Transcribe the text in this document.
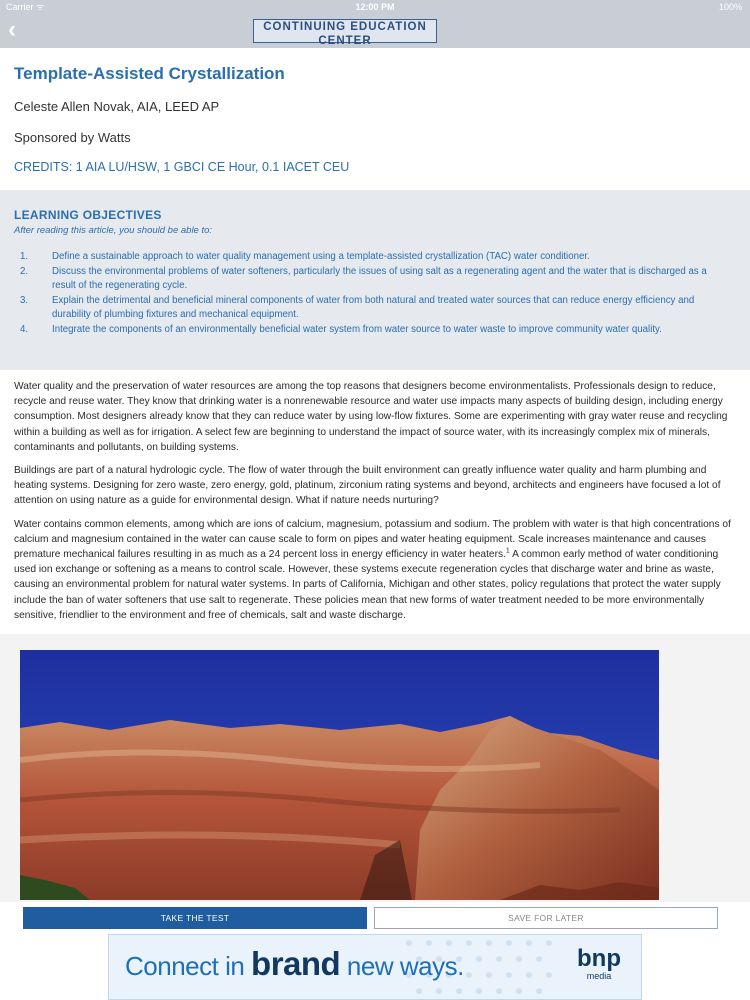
Carrier ᯤ	12:00 PM	100%
‹	CONTINUING EDUCATION CENTER
Template-Assisted Crystallization
Celeste Allen Novak, AIA, LEED AP
Sponsored by Watts
CREDITS: 1 AIA LU/HSW, 1 GBCI CE Hour, 0.1 IACET CEU
LEARNING OBJECTIVES
After reading this article, you should be able to:
1. Define a sustainable approach to water quality management using a template-assisted crystallization (TAC) water conditioner.
2. Discuss the environmental problems of water softeners, particularly the issues of using salt as a regenerating agent and the water that is discharged as a result of the regenerating cycle.
3. Explain the detrimental and beneficial mineral components of water from both natural and treated water sources that can reduce energy efficiency and durability of plumbing fixtures and mechanical equipment.
4. Integrate the components of an environmentally beneficial water system from water source to water waste to improve community water quality.

Water quality and the preservation of water resources are among the top reasons that designers become environmentalists. Professionals design to reduce, recycle and reuse water. They know that drinking water is a nonrenewable resource and water use impacts many aspects of building design, including energy consumption. Most designers already know that they can reduce water by using low-flow fixtures. Some are experimenting with gray water reuse and recycling within a building as well as for irrigation. A select few are beginning to understand the impact of source water, with its increasingly complex mix of minerals, contaminants and pollutants, on building systems.

Buildings are part of a natural hydrologic cycle. The flow of water through the built environment can greatly influence water quality and harm plumbing and heating systems. Designing for zero waste, zero energy, gold, platinum, zirconium rating systems and beyond, architects and engineers have focused a lot of attention on using nature as a guide for environmental design. What if nature needs nurturing?

Water contains common elements, among which are ions of calcium, magnesium, potassium and sodium. The problem with water is that high concentrations of calcium and magnesium contained in the water can cause scale to form on pipes and water heating equipment. Scale increases maintenance and causes premature mechanical failures resulting in as much as a 24 percent loss in energy efficiency in water heaters.$^1$ A common early method of water conditioning used ion exchange or softening as a means to control scale. However, these systems execute regeneration cycles that discharge water and brine as waste, causing an environmental problem for natural water systems. In parts of California, Michigan and other states, policy regulations that protect the water supply include the ban of water softeners that use salt to regenerate. These policies mean that new forms of water treatment needed to be more environmentally sensitive, friendlier to the environment and free of chemicals, salt and waste discharge.

TAKE THE TEST	SAVE FOR LATER
Connect in brand new ways.	bnp
media
